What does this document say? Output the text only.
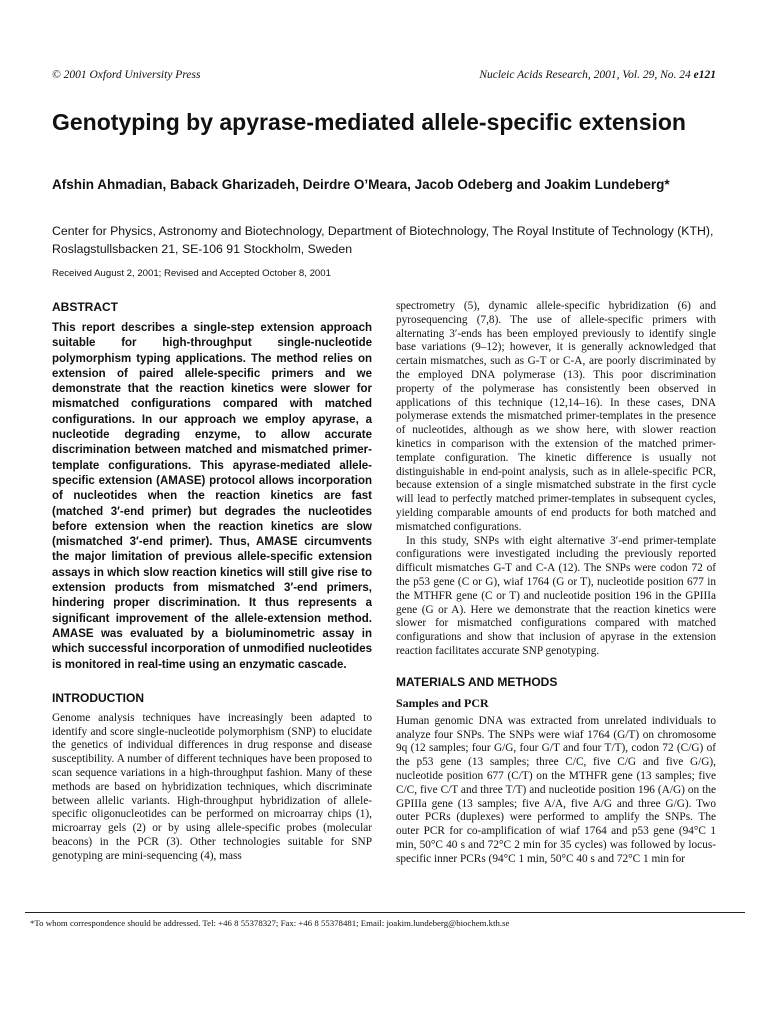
© 2001 Oxford University Press	Nucleic Acids Research, 2001, Vol. 29, No. 24 e121
Genotyping by apyrase-mediated allele-specific extension

Afshin Ahmadian, Baback Gharizadeh, Deirdre O’Meara, Jacob Odeberg and Joakim Lundeberg*

Center for Physics, Astronomy and Biotechnology, Department of Biotechnology, The Royal Institute of Technology (KTH), Roslagstullsbacken 21, SE-106 91 Stockholm, Sweden

Received August 2, 2001; Revised and Accepted October 8, 2001

ABSTRACT

This report describes a single-step extension approach suitable for high-throughput single-nucleotide polymorphism typing applications. The method relies on extension of paired allele-specific primers and we demonstrate that the reaction kinetics were slower for mismatched configurations compared with matched configurations. In our approach we employ apyrase, a nucleotide degrading enzyme, to allow accurate discrimination between matched and mismatched primer-template configurations. This apyrase-mediated allele-specific extension (AMASE) protocol allows incorporation of nucleotides when the reaction kinetics are fast (matched 3′-end primer) but degrades the nucleotides before extension when the reaction kinetics are slow (mismatched 3′-end primer). Thus, AMASE circumvents the major limitation of previous allele-specific extension assays in which slow reaction kinetics will still give rise to extension products from mismatched 3′-end primers, hindering proper discrimination. It thus represents a significant improvement of the allele-extension method. AMASE was evaluated by a bioluminometric assay in which successful incorporation of unmodified nucleotides is monitored in real-time using an enzymatic cascade.

INTRODUCTION

Genome analysis techniques have increasingly been adapted to identify and score single-nucleotide polymorphism (SNP) to elucidate the genetics of individual differences in drug response and disease susceptibility. A number of different techniques have been proposed to scan sequence variations in a high-throughput fashion. Many of these methods are based on hybridization techniques, which discriminate between allelic variants. High-throughput hybridization of allele-specific oligonucleotides can be performed on microarray chips (1), microarray gels (2) or by using allele-specific probes (molecular beacons) in the PCR (3). Other technologies suitable for SNP genotyping are mini-sequencing (4), mass

spectrometry (5), dynamic allele-specific hybridization (6) and pyrosequencing (7,8). The use of allele-specific primers with alternating 3′-ends has been employed previously to identify single base variations (9–12); however, it is generally acknowledged that certain mismatches, such as G-T or C-A, are poorly discriminated by the employed DNA polymerase (13). This poor discrimination property of the polymerase has consistently been observed in applications of this technique (12,14–16). In these cases, DNA polymerase extends the mismatched primer-templates in the presence of nucleotides, although as we show here, with slower reaction kinetics in comparison with the extension of the matched primer-template configuration. The kinetic difference is usually not distinguishable in end-point analysis, such as in allele-specific PCR, because extension of a single mismatched substrate in the first cycle will lead to perfectly matched primer-templates in subsequent cycles, yielding comparable amounts of end products for both matched and mismatched configurations.

In this study, SNPs with eight alternative 3′-end primer-template configurations were investigated including the previously reported difficult mismatches G-T and C-A (12). The SNPs were codon 72 of the p53 gene (C or G), wiaf 1764 (G or T), nucleotide position 677 in the MTHFR gene (C or T) and nucleotide position 196 in the GPIIIa gene (G or A). Here we demonstrate that the reaction kinetics were slower for mismatched configurations compared with matched configurations and show that inclusion of apyrase in the extension reaction facilitates accurate SNP genotyping.

MATERIALS AND METHODS
Samples and PCR

Human genomic DNA was extracted from unrelated individuals to analyze four SNPs. The SNPs were wiaf 1764 (G/T) on chromosome 9q (12 samples; four G/G, four G/T and four T/T), codon 72 (C/G) of the p53 gene (13 samples; three C/C, five C/G and five G/G), nucleotide position 677 (C/T) on the MTHFR gene (13 samples; five C/C, five C/T and three T/T) and nucleotide position 196 (A/G) on the GPIIIa gene (13 samples; five A/A, five A/G and three G/G). Two outer PCRs (duplexes) were performed to amplify the SNPs. The outer PCR for co-amplification of wiaf 1764 and p53 gene (94°C 1 min, 50°C 40 s and 72°C 2 min for 35 cycles) was followed by locus-specific inner PCRs (94°C 1 min, 50°C 40 s and 72°C 1 min for

*To whom correspondence should be addressed. Tel: +46 8 55378327; Fax: +46 8 55378481; Email: joakim.lundeberg@biochem.kth.se
